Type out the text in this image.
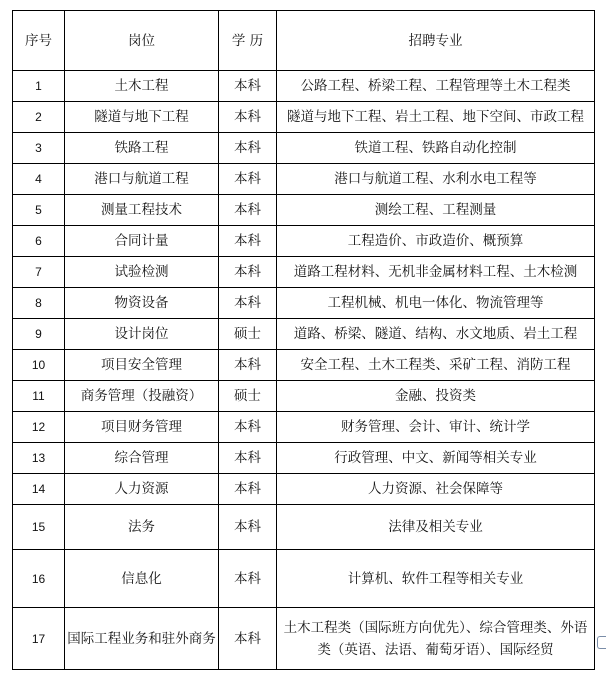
序号	岗位	学 历	招聘专业
1	土木工程	本科	公路工程、桥梁工程、工程管理等土木工程类
2	隧道与地下工程	本科	隧道与地下工程、岩土工程、地下空间、市政工程
3	铁路工程	本科	铁道工程、铁路自动化控制
4	港口与航道工程	本科	港口与航道工程、水利水电工程等
5	测量工程技术	本科	测绘工程、工程测量
6	合同计量	本科	工程造价、市政造价、概预算
7	试验检测	本科	道路工程材料、无机非金属材料工程、土木检测
8	物资设备	本科	工程机械、机电一体化、物流管理等
9	设计岗位	硕士	道路、桥梁、隧道、结构、水文地质、岩土工程
10	项目安全管理	本科	安全工程、土木工程类、采矿工程、消防工程
11	商务管理（投融资）	硕士	金融、投资类
12	项目财务管理	本科	财务管理、会计、审计、统计学
13	综合管理	本科	行政管理、中文、新闻等相关专业
14	人力资源	本科	人力资源、社会保障等
15	法务	本科	法律及相关专业
16	信息化	本科	计算机、软件工程等相关专业
17	国际工程业务和驻外商务	本科	土木工程类（国际班方向优先）、综合管理类、外语类（英语、法语、葡萄牙语）、国际经贸
